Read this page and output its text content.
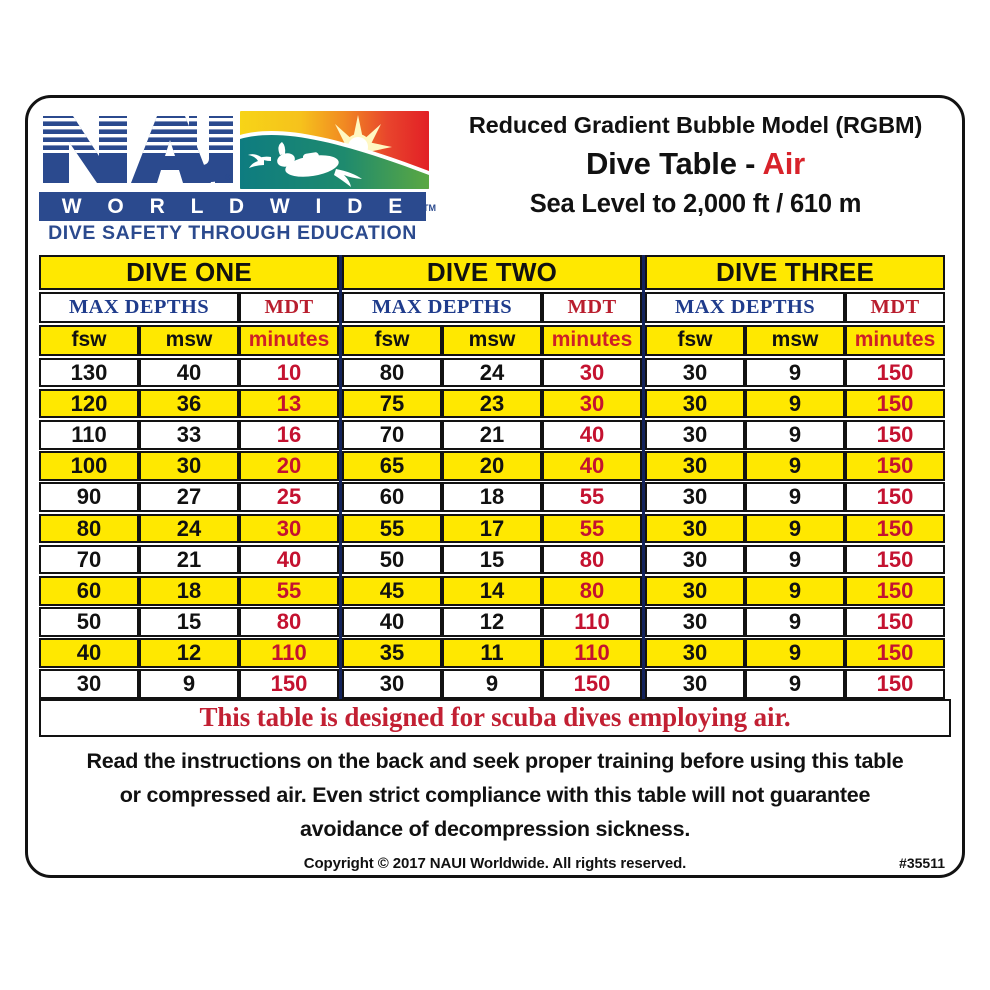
®
W O R L D W I D E TM
DIVE SAFETY THROUGH EDUCATION
Reduced Gradient Bubble Model (RGBM)
Dive Table - Air
Sea Level to 2,000 ft / 610 m
DIVE ONE
MAX DEPTHS	MDT
fsw	msw	minutes
130	40	10
120	36	13
110	33	16
100	30	20
90	27	25
80	24	30
70	21	40
60	18	55
50	15	80
40	12	110
30	9	150
DIVE TWO
MAX DEPTHS	MDT
fsw	msw	minutes
80	24	30
75	23	30
70	21	40
65	20	40
60	18	55
55	17	55
50	15	80
45	14	80
40	12	110
35	11	110
30	9	150
DIVE THREE
MAX DEPTHS	MDT
fsw	msw	minutes
30	9	150
30	9	150
30	9	150
30	9	150
30	9	150
30	9	150
30	9	150
30	9	150
30	9	150
30	9	150
30	9	150
This table is designed for scuba dives employing air.
Read the instructions on the back and seek proper training before using this table
or compressed air. Even strict compliance with this table will not guarantee
avoidance of decompression sickness.
Copyright © 2017 NAUI Worldwide. All rights reserved.	#35511
